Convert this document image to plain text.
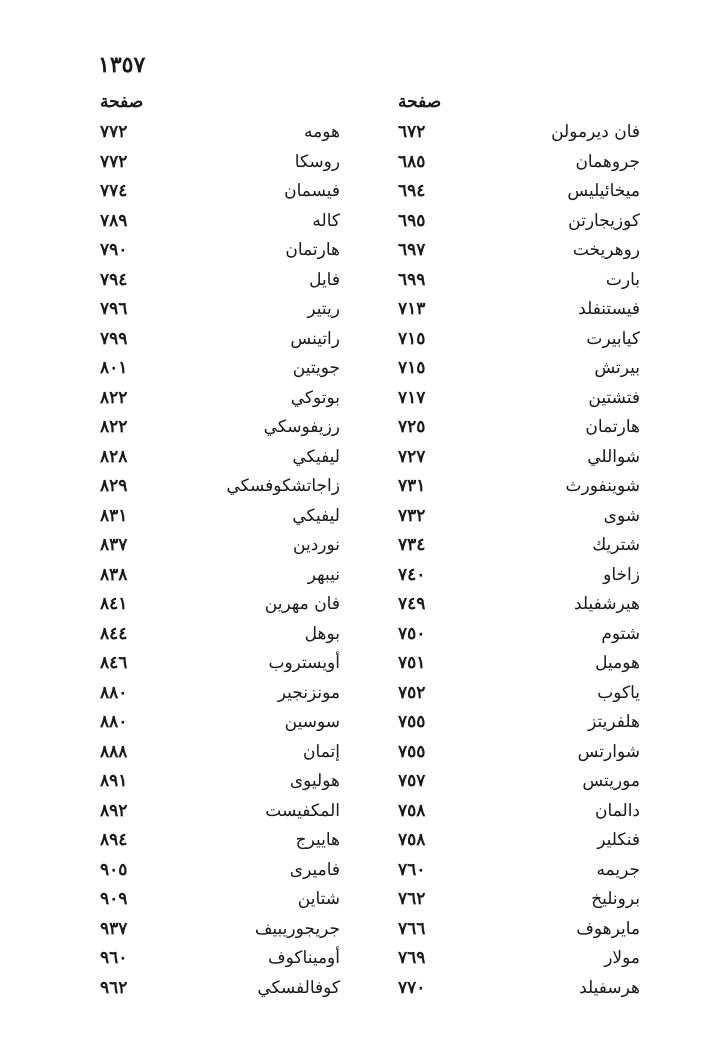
١٣٥٧
صفحة	صفحة
٧٧٢	هومه	٦٧٢	فان ديرمولن
٧٧٢	روسكا	٦٨٥	جروهمان
٧٧٤	فيسمان	٦٩٤	ميخائيليس
٧٨٩	كاله	٦٩٥	كوزيجارتن
٧٩٠	هارتمان	٦٩٧	روهريخت
٧٩٤	فايل	٦٩٩	بارت
٧٩٦	ريتير	٧١٣	فيستنفلد
٧٩٩	راتينس	٧١٥	كيابيرت
٨٠١	جويتين	٧١٥	بيرتش
٨٢٢	بوتوكي	٧١٧	فتشتين
٨٢٢	رزيفوسكي	٧٢٥	هارتمان
٨٢٨	ليفيكي	٧٢٧	شواللي
٨٢٩	زاجاتشكوفسكي	٧٣١	شوينفورث
٨٣١	ليفيكي	٧٣٢	شوى
٨٣٧	نوردين	٧٣٤	شتريك
٨٣٨	نيبهر	٧٤٠	زاخاو
٨٤١	فان مهرين	٧٤٩	هيرشفيلد
٨٤٤	بوهل	٧٥٠	شتوم
٨٤٦	أويستروب	٧٥١	هوميل
٨٨٠	مونزنجير	٧٥٢	ياكوب
٨٨٠	سوسين	٧٥٥	هلفريتز
٨٨٨	إتمان	٧٥٥	شوارتس
٨٩١	هوليوى	٧٥٧	موريتس
٨٩٢	المكفيست	٧٥٨	دالمان
٨٩٤	هاييرج	٧٥٨	فنكلير
٩٠٥	فاميرى	٧٦٠	جريمه
٩٠٩	شتاين	٧٦٢	برونليخ
٩٣٧	جريجوريبيف	٧٦٦	مايرهوف
٩٦٠	أوميناكوف	٧٦٩	مولار
٩٦٢	كوفالفسكي	٧٧٠	هرسفيلد
